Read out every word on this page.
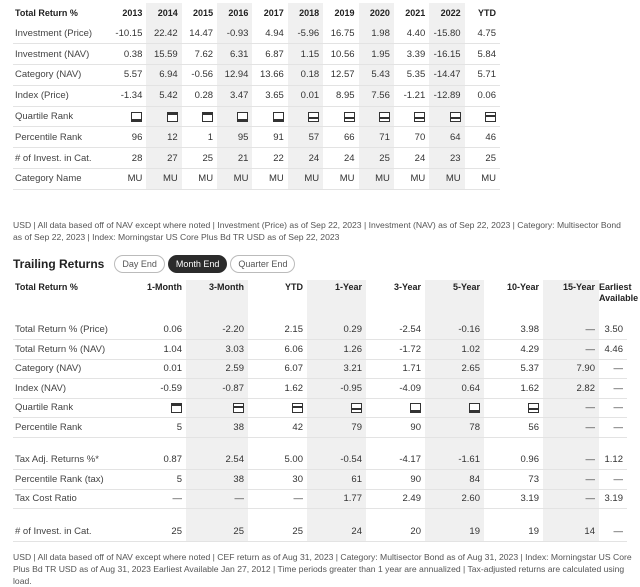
Total Return %	2013	2014	2015	2016	2017	2018	2019	2020	2021	2022	YTD
Investment (Price)	-10.15	22.42	14.47	-0.93	4.94	-5.96	16.75	1.98	4.40	-15.80	4.75
Investment (NAV)	0.38	15.59	7.62	6.31	6.87	1.15	10.56	1.95	3.39	-16.15	5.84
Category (NAV)	5.57	6.94	-0.56	12.94	13.66	0.18	12.57	5.43	5.35	-14.47	5.71
Index (Price)	-1.34	5.42	0.28	3.47	3.65	0.01	8.95	7.56	-1.21	-12.89	0.06
Quartile Rank	

Percentile Rank	96	12	1	95	91	57	66	71	70	64	46
# of Invest. in Cat.	28	27	25	21	22	24	24	25	24	23	25
Category Name	MU	MU	MU	MU	MU	MU	MU	MU	MU	MU	MU
USD | All data based off of NAV except where noted | Investment (Price) as of Sep 22, 2023 | Investment (NAV) as of Sep 22, 2023 | Category: Multisector Bond as of Sep 22, 2023 | Index: Morningstar US Core Plus Bd TR USD as of Sep 22, 2023
Trailing Returns	Day End	Month End	Quarter End
Total Return %	1-Month	3-Month	YTD	1-Year	3-Year	5-Year	10-Year	15-Year	Earliest Available
Total Return % (Price)	0.06	-2.20	2.15	0.29	-2.54	-0.16	3.98	—	3.50
Total Return % (NAV)	1.04	3.03	6.06	1.26	-1.72	1.02	4.29	—	4.46
Category (NAV)	0.01	2.59	6.07	3.21	1.71	2.65	5.37	7.90	—
Index (NAV)	-0.59	-0.87	1.62	-0.95	-4.09	0.64	1.62	2.82	—
Quartile Rank								—	—
Percentile Rank	5	38	42	79	90	78	56	—	—

Tax Adj. Returns %*	0.87	2.54	5.00	-0.54	-4.17	-1.61	0.96	—	1.12
Percentile Rank (tax)	5	38	30	61	90	84	73	—	—
Tax Cost Ratio	—	—	—	1.77	2.49	2.60	3.19	—	3.19

# of Invest. in Cat.	25	25	25	24	20	19	19	14	—
USD | All data based off of NAV except where noted | CEF return as of Aug 31, 2023 | Category: Multisector Bond as of Aug 31, 2023 | Index: Morningstar US Core Plus Bd TR USD as of Aug 31, 2023 Earliest Available Jan 27, 2012 | Time periods greater than 1 year are annualized | Tax-adjusted returns are calculated using load.
